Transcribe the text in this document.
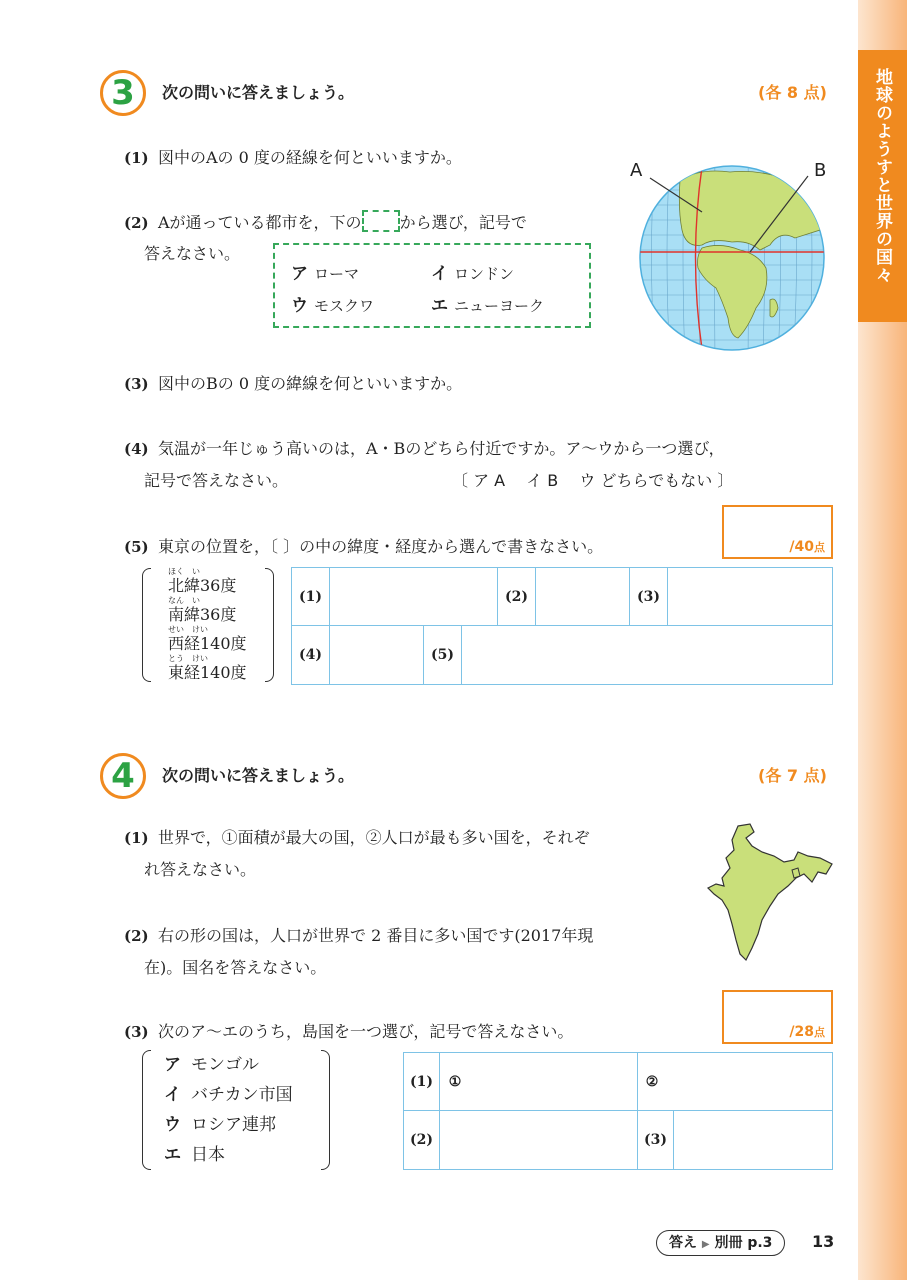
地球のようすと世界の国々
3	次の問いに答えましょう。	(各 8 点)
(1) 図中のAの 0 度の経線を何といいますか。
(2) Aが通っている都市を，下の から選び，記号で
答えなさい。
ア ローマ	イ ロンドン
ウ モスクワ	エ ニューヨーク
A	B
(3) 図中のBの 0 度の緯線を何といいますか。
(4) 気温が一年じゅう高いのは，A・Bのどちら付近ですか。ア～ウから一つ選び，
記号で答えなさい。	〔 ア A　 イ B　 ウ どちらでもない 〕
(5) 東京の位置を，〔 〕の中の緯度・経度から選んで書きなさい。	/40点
ほく　い
北緯36度
なん　い
南緯36度
せい　けい
西経140度
とう　けい
東経140度
(1)	(2)	(3)
(4)	(5)
4	次の問いに答えましょう。	(各 7 点)
(1) 世界で，①面積が最大の国，②人口が最も多い国を，それぞ
れ答えなさい。
(2) 右の形の国は，人口が世界で 2 番目に多い国です(2017年現
在)。国名を答えなさい。
(3) 次のア～エのうち，島国を一つ選び，記号で答えなさい。	/28点
ア モンゴル
イ バチカン市国
ウ ロシア連邦
エ 日本
(1)	①	②
(2)	(3)
答え ▶ 別冊 p.3	13
